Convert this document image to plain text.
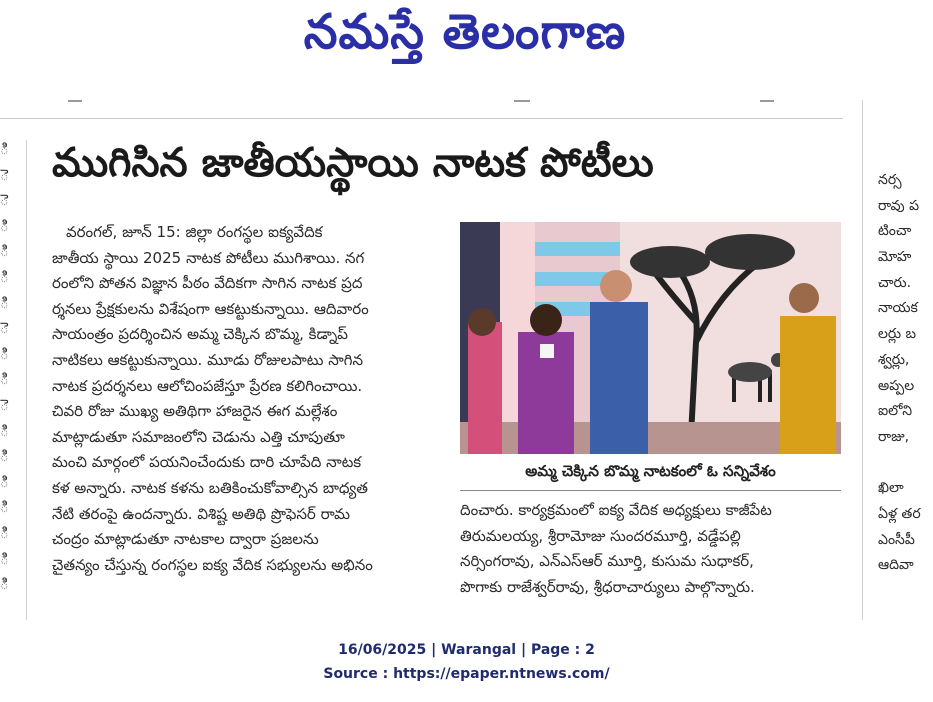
నమస్తే తెలంగాణ
ి
ె
ె
ి
ి
ి
ి
ె
ి
ి
ె
ి
ి
ి
ి
ి
ి
ి
ముగిసిన జాతీయస్థాయి నాటక పోటీలు

వరంగల్, జూన్ 15: జిల్లా రంగస్థల ఐక్యవేదిక

జాతీయ స్థాయి 2025 నాటక పోటీలు ముగిశాయి. నగ

రంలోని పోతన విజ్ఞాన పీఠం వేదికగా సాగిన నాటక ప్రద

ర్శనలు ప్రేక్షకులను విశేషంగా ఆకట్టుకున్నాయి. ఆదివారం

సాయంత్రం ప్రదర్శించిన అమ్మ చెక్కిన బొమ్మ, కిడ్నాప్

నాటికలు ఆకట్టుకున్నాయి. మూడు రోజులపాటు సాగిన

నాటక ప్రదర్శనలు ఆలోచింపజేస్తూ ప్రేరణ కలిగించాయి.

చివరి రోజు ముఖ్య అతిథిగా హాజరైన ఈగ మల్లేశం

మాట్లాడుతూ సమాజంలోని చెడును ఎత్తి చూపుతూ

మంచి మార్గంలో పయనించేందుకు దారి చూపేది నాటక

కళ అన్నారు. నాటక కళను బతికించుకోవాల్సిన బాధ్యత

నేటి తరంపై ఉందన్నారు. విశిష్ట అతిథి ప్రొఫెసర్ రామ

చంద్రం మాట్లాడుతూ నాటకాల ద్వారా ప్రజలను

చైతన్యం చేస్తున్న రంగస్థల ఐక్య వేదిక సభ్యులను అభినం

అమ్మ చెక్కిన బొమ్మ నాటకంలో ఓ సన్నివేశం

దించారు. కార్యక్రమంలో ఐక్య వేదిక అధ్యక్షులు కాజీపేట

తిరుమలయ్య, శ్రీరామోజు సుందరమూర్తి, వడ్డేపల్లి

నర్సింగరావు, ఎన్ఎస్ఆర్ మూర్తి, కుసుమ సుధాకర్,

పొగాకు రాజేశ్వర్‌రావు, శ్రీధరాచార్యులు పాల్గొన్నారు.

నర్స

రావు ప

టించా

మోహ

చారు.

నాయక

లర్లు బ

శ్వర్లు,

అప్పల

ఐలోని

రాజు,

ఖిలా

ఏళ్ల తర

ఎంసీపీ

ఆదివా

16/06/2025 | Warangal | Page : 2
Source : https://epaper.ntnews.com/
